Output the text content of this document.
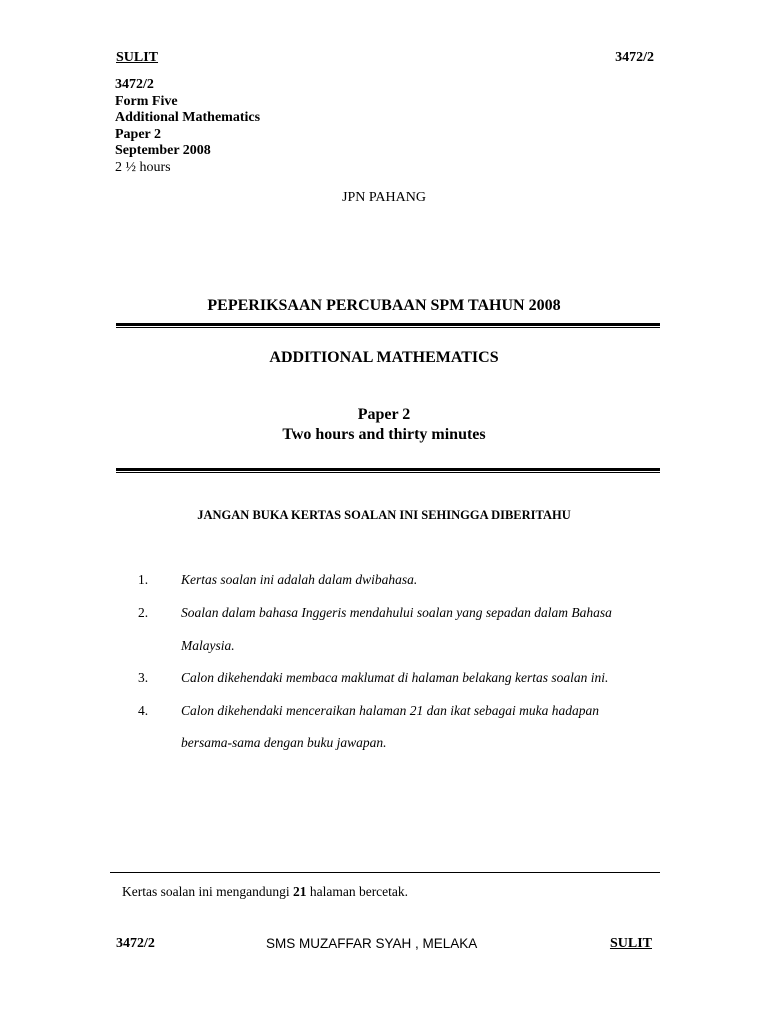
SULIT	3472/2
3472/2
Form Five
Additional Mathematics
Paper 2
September 2008
2 ½ hours
JPN PAHANG
PEPERIKSAAN PERCUBAAN SPM TAHUN 2008
ADDITIONAL MATHEMATICS
Paper 2
Two hours and thirty minutes
JANGAN BUKA KERTAS SOALAN INI SEHINGGA DIBERITAHU
1.	Kertas soalan ini adalah dalam dwibahasa.
2.	Soalan dalam bahasa Inggeris mendahului soalan yang sepadan dalam Bahasa
Malaysia.
3.	Calon dikehendaki membaca maklumat di halaman belakang kertas soalan ini.
4.	Calon dikehendaki menceraikan halaman 21 dan ikat sebagai muka hadapan
bersama-sama dengan buku jawapan.
Kertas soalan ini mengandungi 21 halaman bercetak.
3472/2	SMS MUZAFFAR SYAH , MELAKA	SULIT
